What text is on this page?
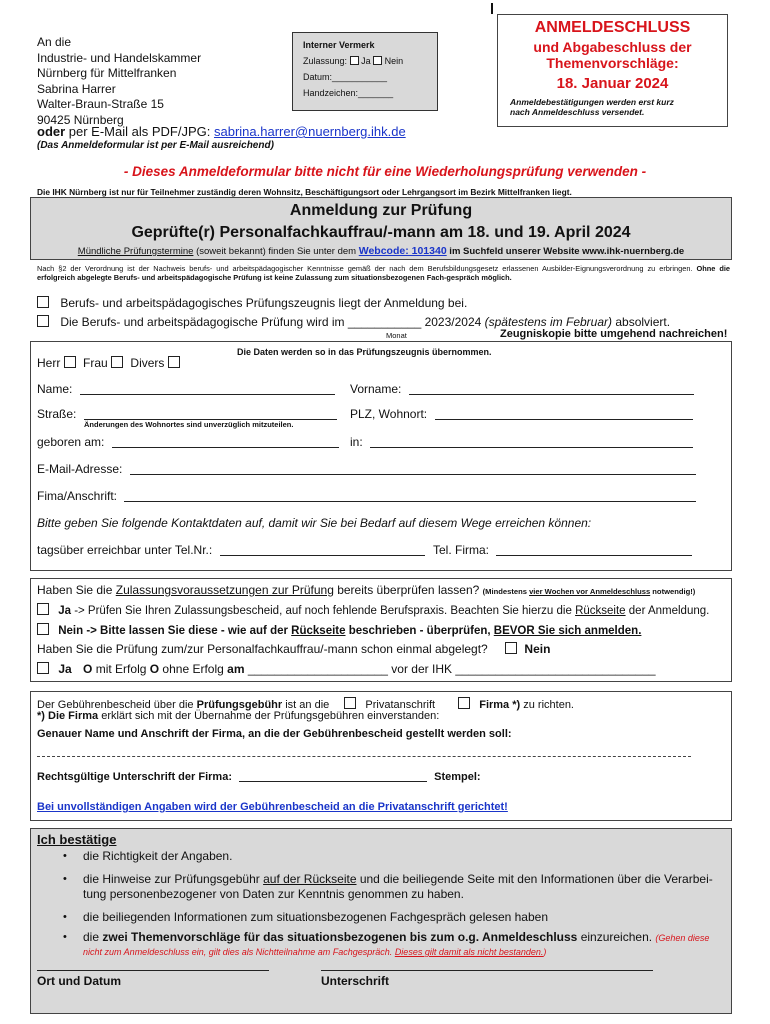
An die
Industrie- und Handelskammer
Nürnberg für Mittelfranken
Sabrina Harrer
Walter-Braun-Straße 15
90425 Nürnberg
oder per E-Mail als PDF/JPG: sabrina.harrer@nuernberg.ihk.de
(Das Anmeldeformular ist per E-Mail ausreichend)
Interner Vermerk
Zulassung: Ja Nein
Datum:___________
Handzeichen:_______
ANMELDESCHLUSS
und Abgabeschluss der
Themenvorschläge:
18. Januar 2024
Anmeldebestätigungen werden erst kurz
nach Anmeldeschluss versendet.
- Dieses Anmeldeformular bitte nicht für eine Wiederholungsprüfung verwenden -
Die IHK Nürnberg ist nur für Teilnehmer zuständig deren Wohnsitz, Beschäftigungsort oder Lehrgangsort im Bezirk Mittelfranken liegt.
Anmeldung zur Prüfung
Geprüfte(r) Personalfachkauffrau/-mann am 18. und 19. April 2024
Mündliche Prüfungstermine (soweit bekannt) finden Sie unter dem Webcode: 101340 im Suchfeld unserer Website www.ihk-nuernberg.de
Nach §2 der Verordnung ist der Nachweis berufs- und arbeitspädagogischer Kenntnisse gemäß der nach dem Berufsbildungsgesetz erlassenen Ausbilder-Eignungsverordnung zu erbringen. Ohne die erfolgreich abgelegte Berufs- und arbeitspädagogische Prüfung ist keine Zulassung zum situationsbezogenen Fach-gespräch möglich.
Berufs- und arbeitspädagogisches Prüfungszeugnis liegt der Anmeldung bei.
Die Berufs- und arbeitspädagogische Prüfung wird im ___________ 2023/2024 (spätestens im Februar) absolviert.
Monat	Zeugniskopie bitte umgehend nachreichen!
Die Daten werden so in das Prüfungszeugnis übernommen.
Herr Frau Divers
Name:	Vorname:
Straße:	PLZ, Wohnort:
Änderungen des Wohnortes sind unverzüglich mitzuteilen.
geboren am:	in:
E-Mail-Adresse:
Fima/Anschrift:
Bitte geben Sie folgende Kontaktdaten auf, damit wir Sie bei Bedarf auf diesem Wege erreichen können:
tagsüber erreichbar unter Tel.Nr.:	Tel. Firma:
Haben Sie die Zulassungsvoraussetzungen zur Prüfung bereits überprüfen lassen? (Mindestens vier Wochen vor Anmeldeschluss notwendig!)
Ja -> Prüfen Sie Ihren Zulassungsbescheid, auf noch fehlende Berufspraxis. Beachten Sie hierzu die Rückseite der Anmeldung.
Nein -> Bitte lassen Sie diese - wie auf der Rückseite beschrieben - überprüfen, BEVOR Sie sich anmelden.
Haben Sie die Prüfung zum/zur Personalfachkauffrau/-mann schon einmal abgelegt?	Nein
Ja O mit Erfolg O ohne Erfolg am _____________________ vor der IHK ______________________________
Der Gebührenbescheid über die Prüfungsgebühr ist an die	Privatanschrift	Firma *) zu richten.
*) Die Firma erklärt sich mit der Übernahme der Prüfungsgebühren einverstanden:
Genauer Name und Anschrift der Firma, an die der Gebührenbescheid gestellt werden soll:
Rechtsgültige Unterschrift der Firma:	Stempel:
Bei unvollständigen Angaben wird der Gebührenbescheid an die Privatanschrift gerichtet!
Ich bestätige
• die Richtigkeit der Angaben.
• die Hinweise zur Prüfungsgebühr auf der Rückseite und die beiliegende Seite mit den Informationen über die Verarbei-tung personenbezogener von Daten zur Kenntnis genommen zu haben.
• die beiliegenden Informationen zum situationsbezogenen Fachgespräch gelesen haben
• die zwei Themenvorschläge für das situationsbezogenen bis zum o.g. Anmeldeschluss einzureichen. (Gehen diese nicht zum Anmeldeschluss ein, gilt dies als Nichtteilnahme am Fachgespräch. Dieses gilt damit als nicht bestanden.)
Ort und Datum	Unterschrift
